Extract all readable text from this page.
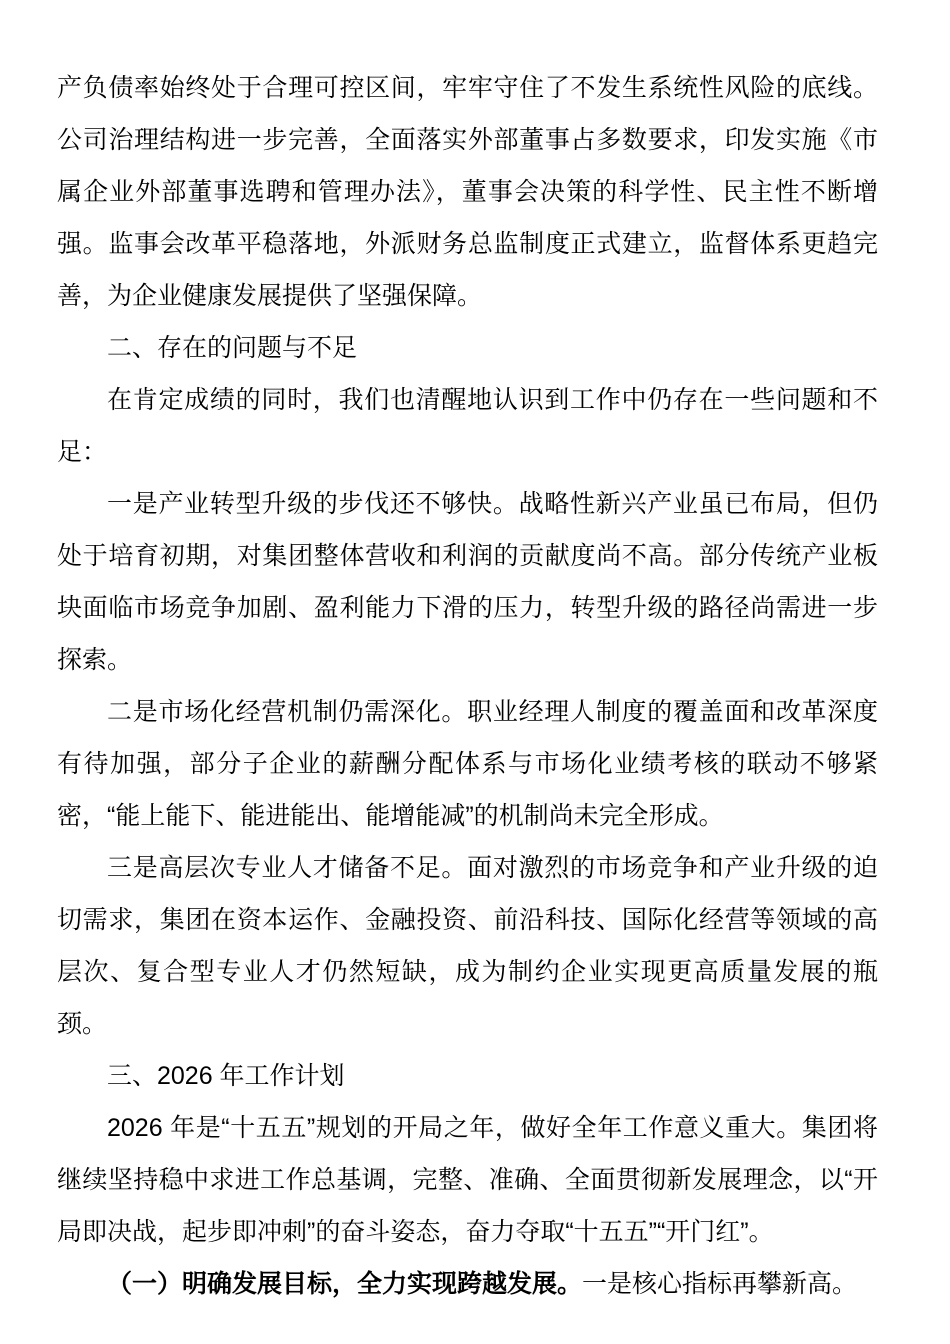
产负债率始终处于合理可控区间，牢牢守住了不发生系统性风险的底线。公司治理结构进一步完善，全面落实外部董事占多数要求，印发实施《市属企业外部董事选聘和管理办法》，董事会决策的科学性、民主性不断增强。监事会改革平稳落地，外派财务总监制度正式建立，监督体系更趋完善，为企业健康发展提供了坚强保障。

二、存在的问题与不足

在肯定成绩的同时，我们也清醒地认识到工作中仍存在一些问题和不足：

一是产业转型升级的步伐还不够快。战略性新兴产业虽已布局，但仍处于培育初期，对集团整体营收和利润的贡献度尚不高。部分传统产业板块面临市场竞争加剧、盈利能力下滑的压力，转型升级的路径尚需进一步探索。

二是市场化经营机制仍需深化。职业经理人制度的覆盖面和改革深度有待加强，部分子企业的薪酬分配体系与市场化业绩考核的联动不够紧密，“能上能下、能进能出、能增能减”的机制尚未完全形成。

三是高层次专业人才储备不足。面对激烈的市场竞争和产业升级的迫切需求，集团在资本运作、金融投资、前沿科技、国际化经营等领域的高层次、复合型专业人才仍然短缺，成为制约企业实现更高质量发展的瓶颈。

三、2026 年工作计划

2026 年是“十五五”规划的开局之年，做好全年工作意义重大。集团将继续坚持稳中求进工作总基调，完整、准确、全面贯彻新发展理念，以“开局即决战，起步即冲刺”的奋斗姿态，奋力夺取“十五五”“开门红”。

（一）明确发展目标，全力实现跨越发展。一是核心指标再攀新高。
